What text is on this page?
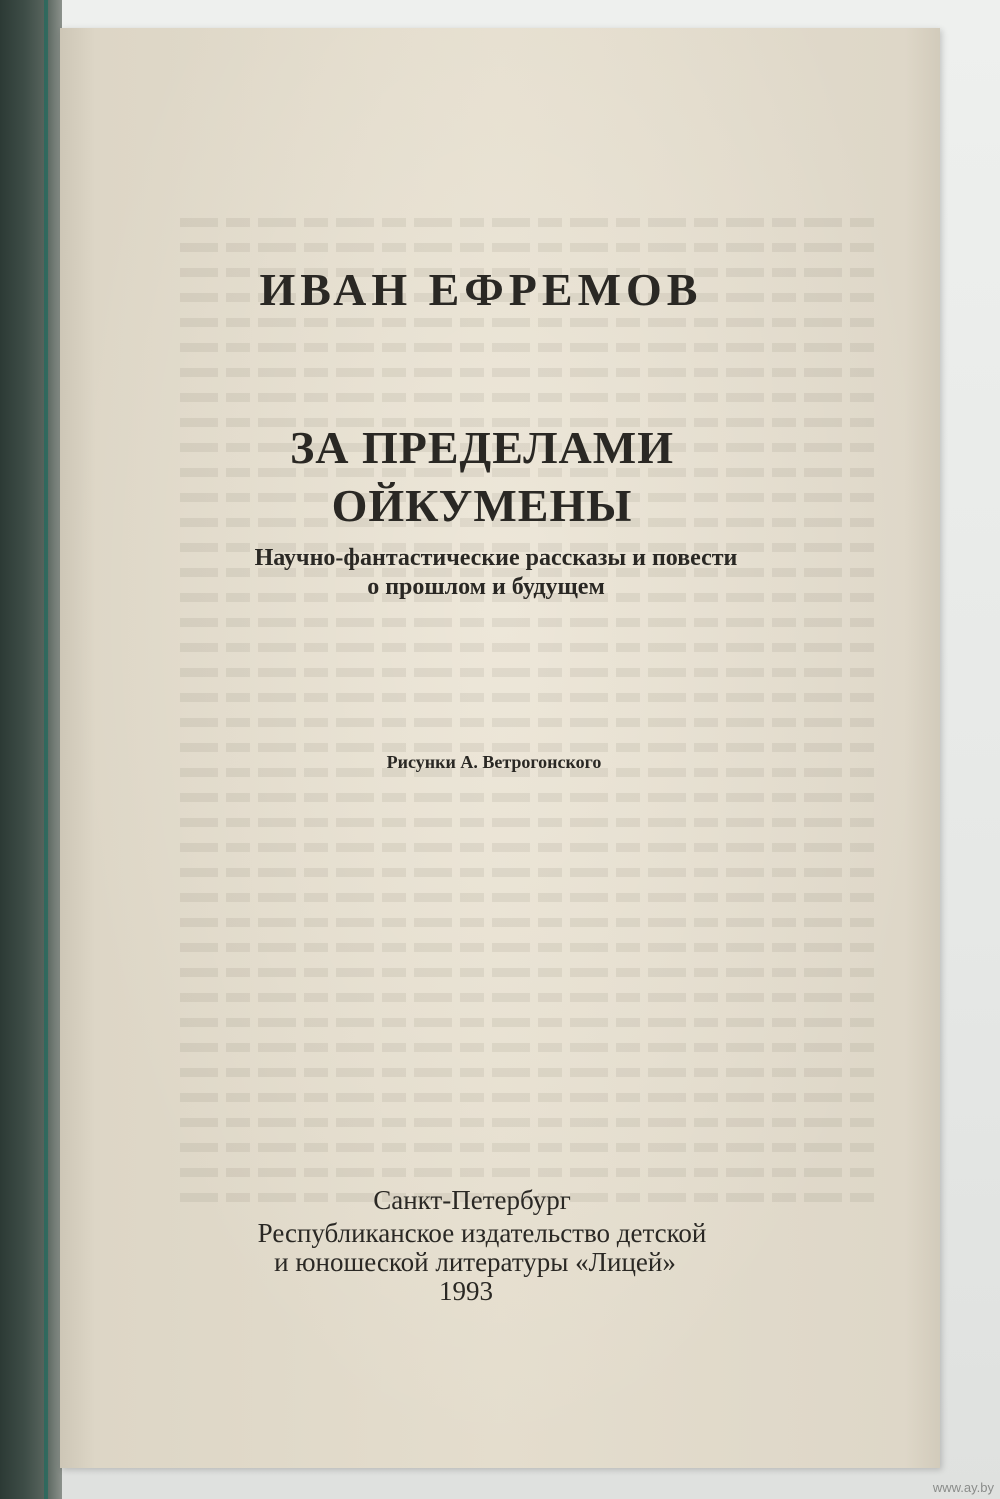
ИВАН ЕФРЕМОВ
ЗА ПРЕДЕЛАМИ
ОЙКУМЕНЫ
Научно-фантастические рассказы и повести
о прошлом и будущем
Рисунки А. Ветрогонского
Санкт-Петербург
Республиканское издательство детской
и юношеской литературы «Лицей»
1993
www.ay.by
